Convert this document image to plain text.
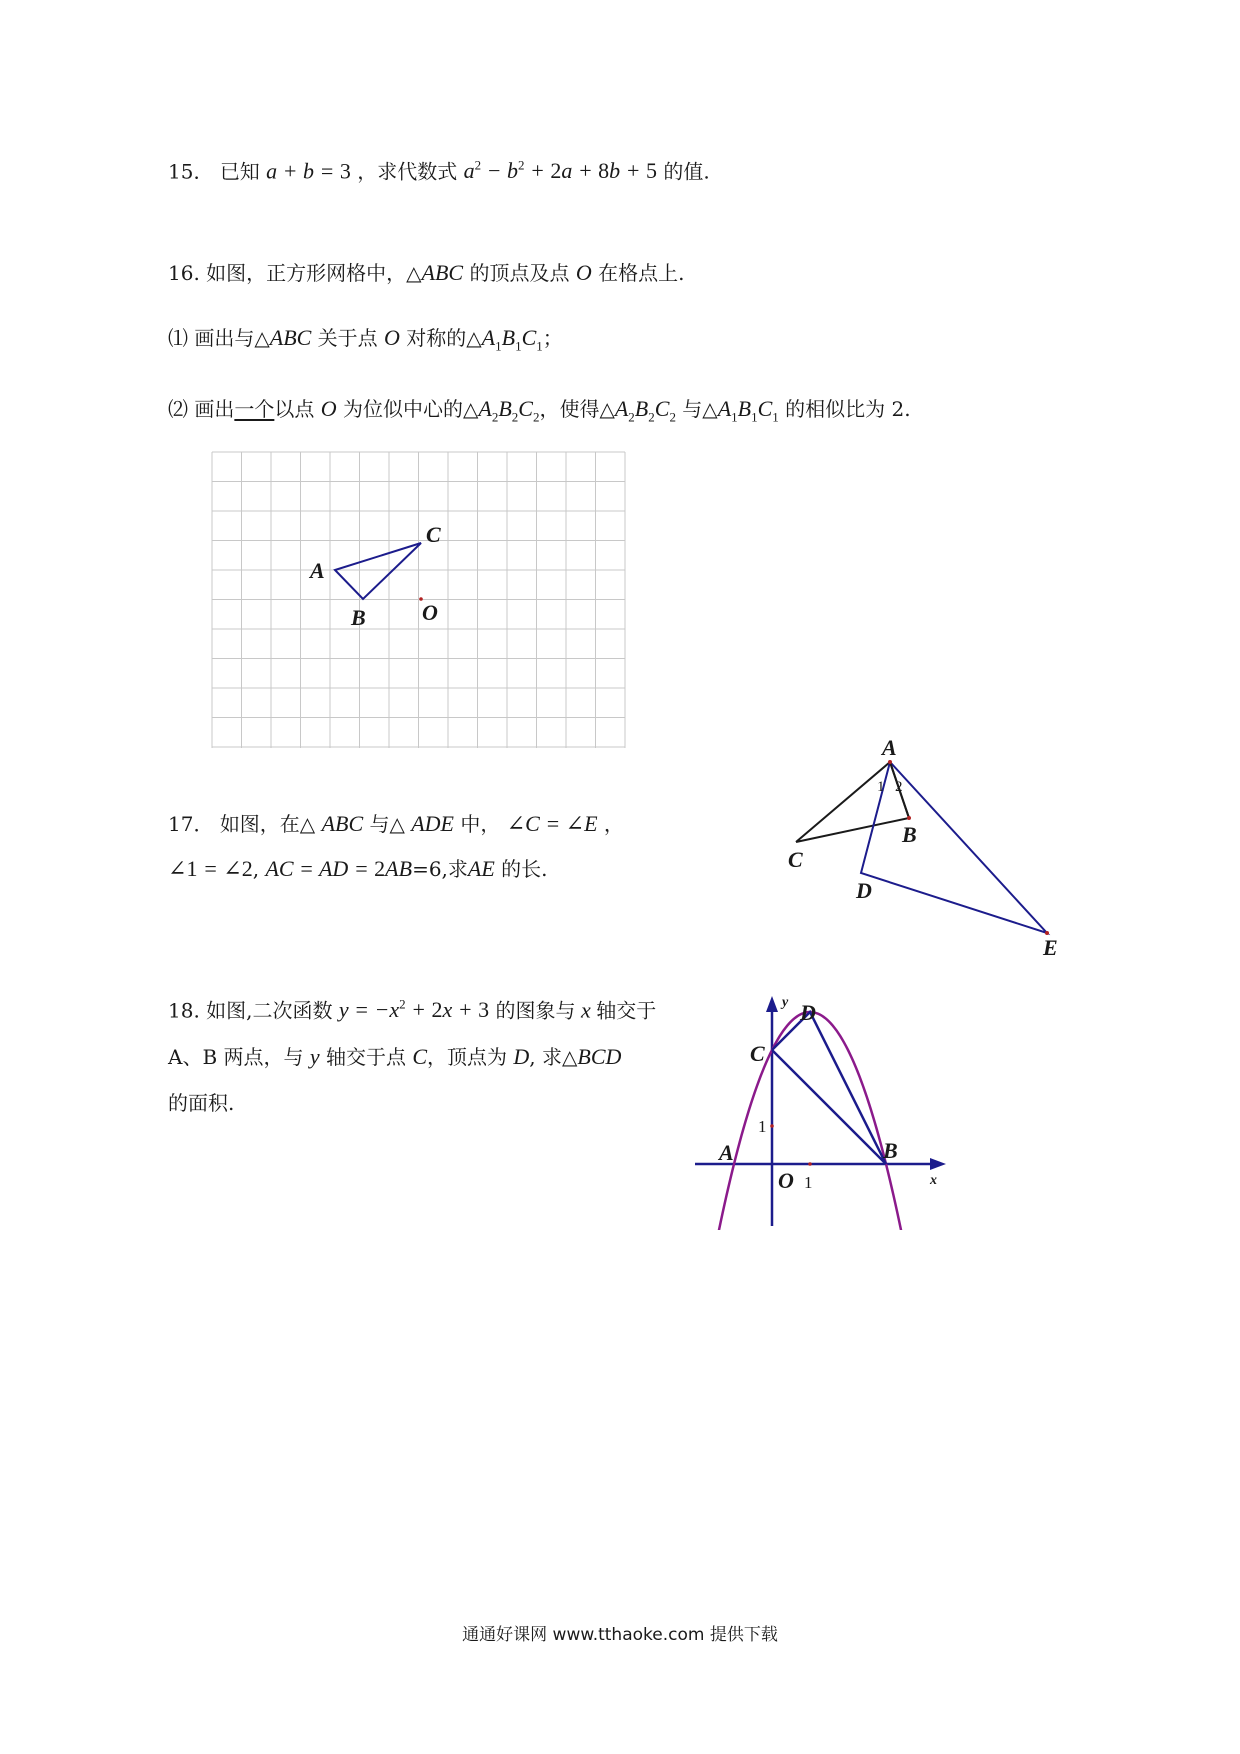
15． 已知 a + b = 3 ，求代数式 $a^2 - b^2 + 2a + 8b + 5$ 的值.
16. 如图，正方形网格中，△ABC 的顶点及点 O 在格点上.
⑴ 画出与△ABC 关于点 O 对称的$\triangle A_1B_1C_1$；
⑵ 画出一个以点 O 为位似中心的$\triangle A_2B_2C_2$，使得$\triangle A_2B_2C_2$ 与$\triangle A_1B_1C_1$ 的相似比为 2.
A
B
C
O
17． 如图，在△ ABC 与△ ADE 中， ∠C = ∠E ，
∠1 = ∠2, AC = AD = 2AB=6,求AE 的长.
A
B
C
D
E
1 2
18. 如图,二次函数 $y = -x^2 + 2x + 3$ 的图象与 x 轴交于
A、B 两点，与 y 轴交于点 C，顶点为 D, 求△BCD
的面积.
A	B
C
D
O 1
1
x
y
通通好课网 www.tthaoke.com 提供下载
